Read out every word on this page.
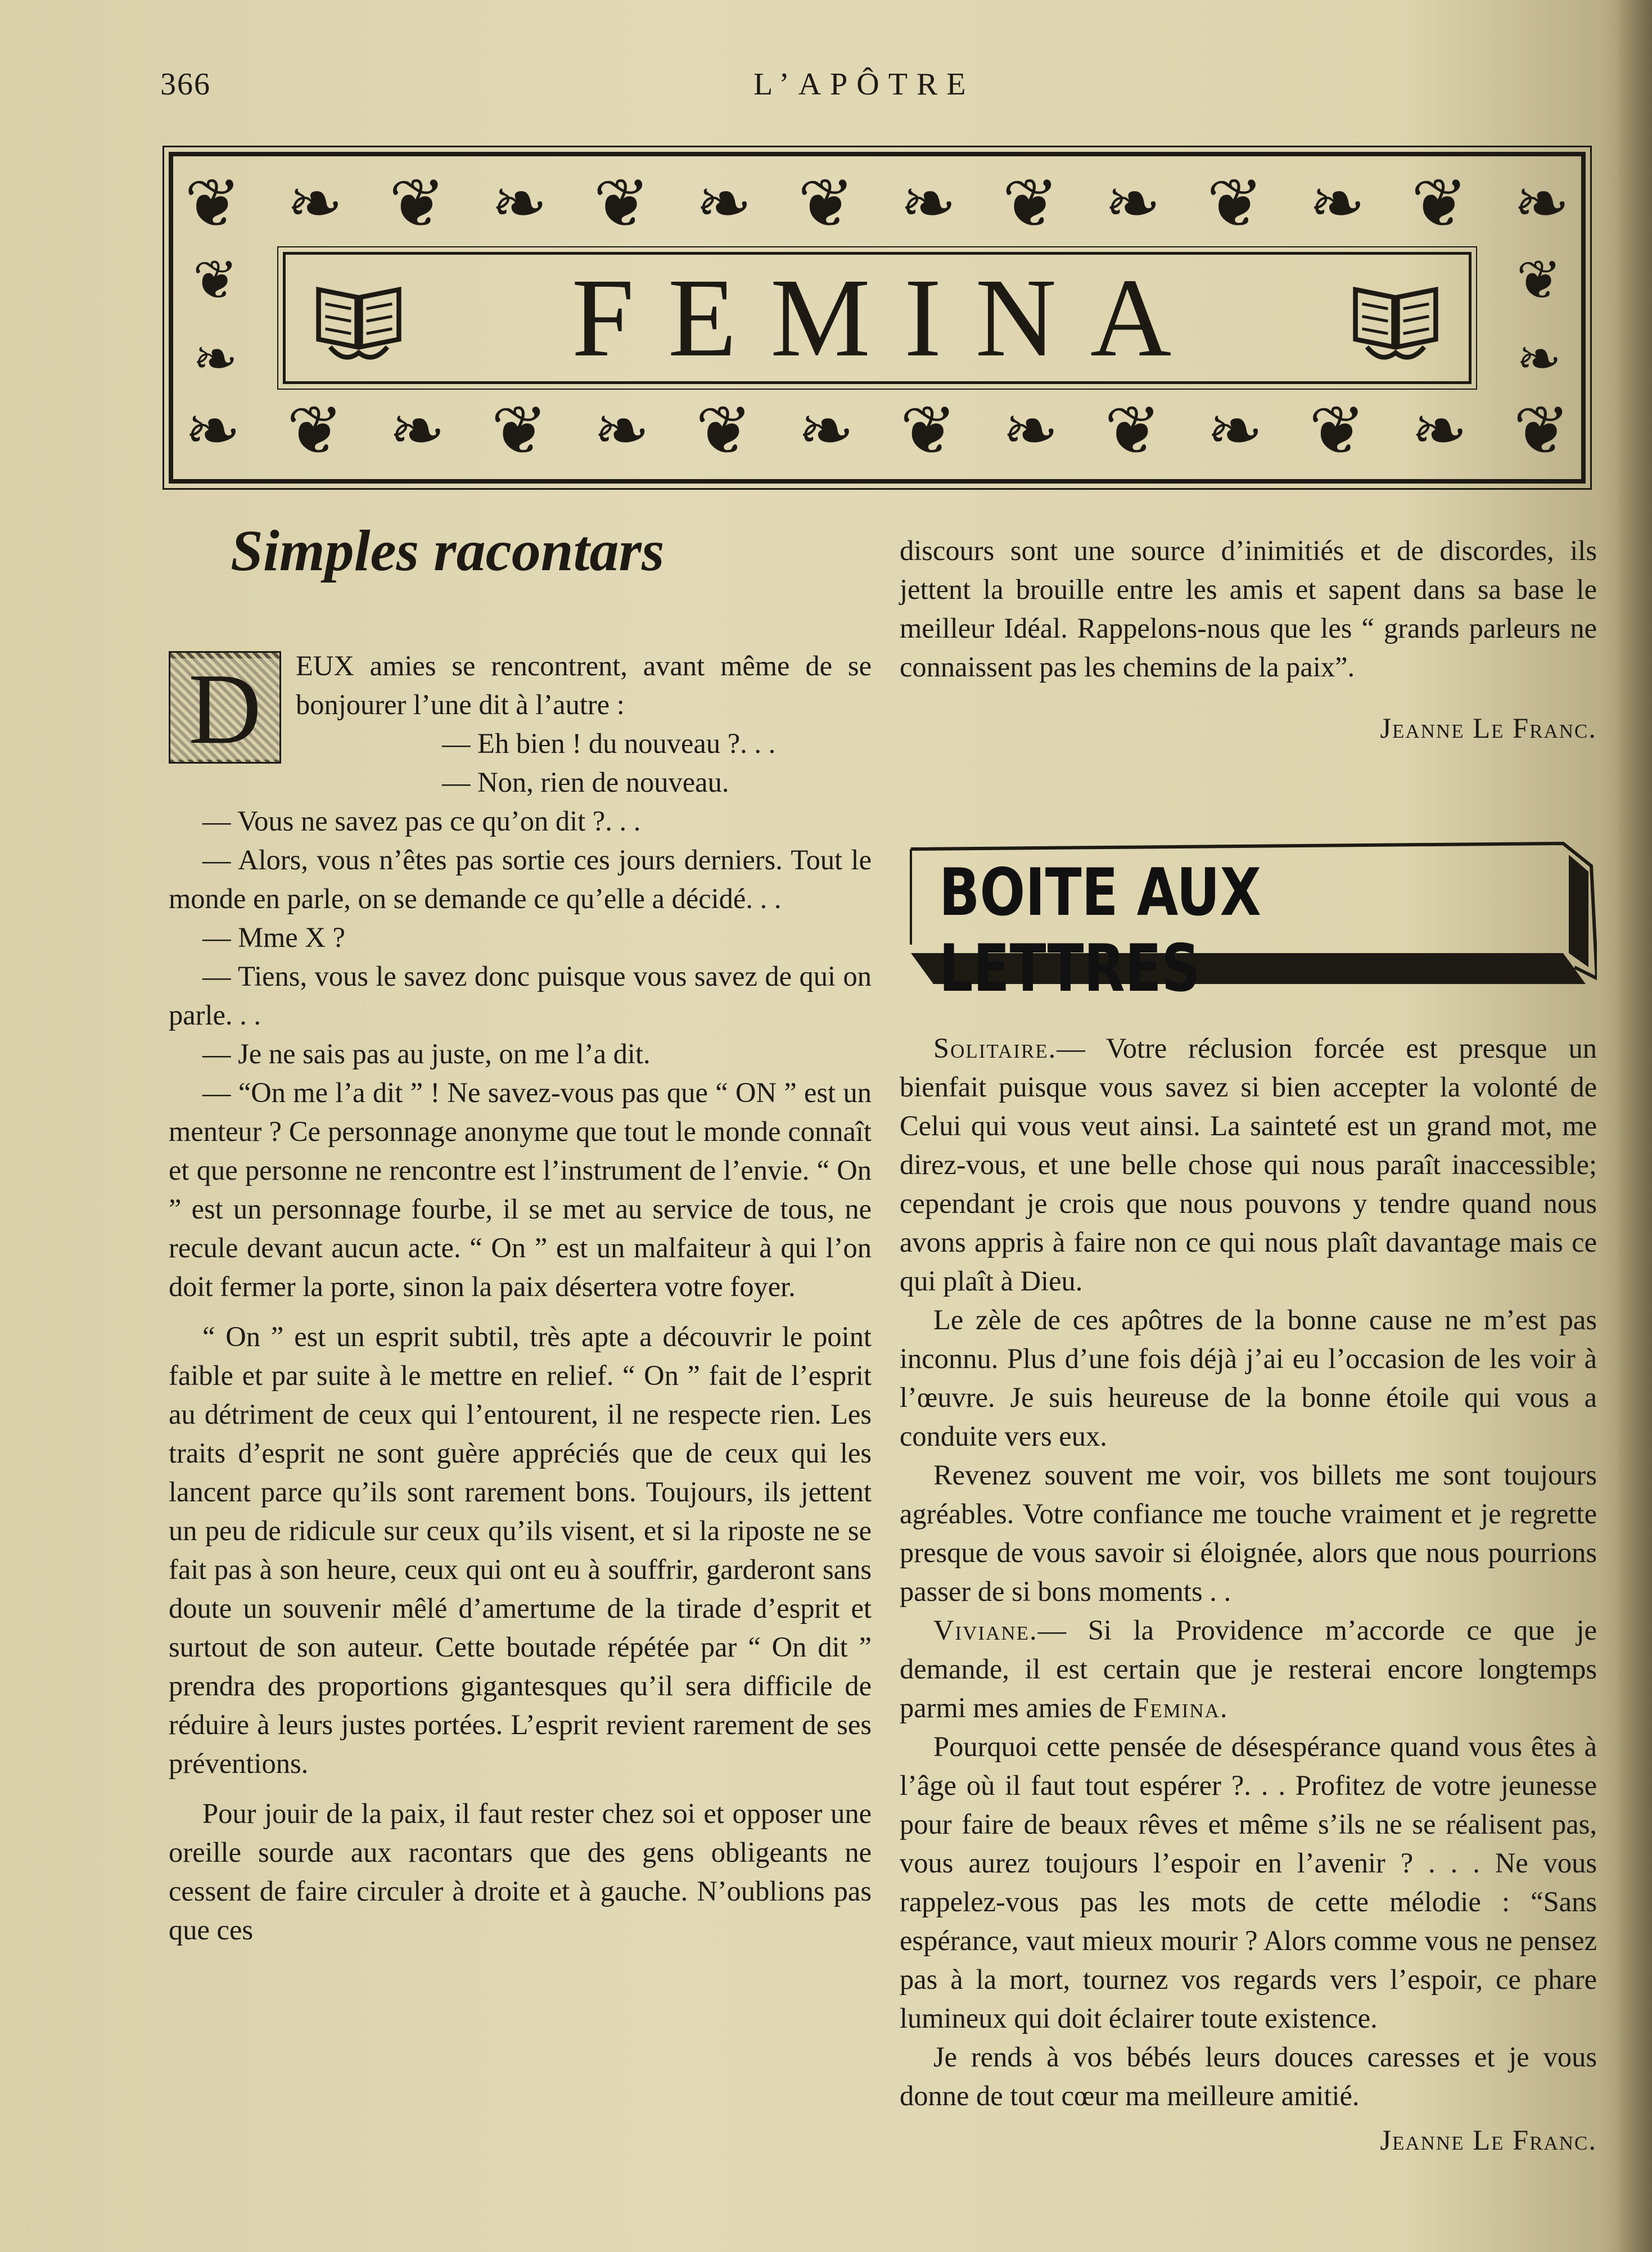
366	L’APÔTRE
❦ ❧ ❦ ❧ ❦ ❧ ❦ ❧ ❦ ❧ ❦ ❧ ❦ ❧
❦
❧
❦
❧
FEMINA
❧ ❦ ❧ ❦ ❧ ❦ ❧ ❦ ❧ ❦ ❧ ❦ ❧ ❦
Simples racontars

D	EUX amies se rencontrent, avant même de se bonjourer l’une dit à l’autre :

— Eh bien ! du nouveau ?. . .

— Non, rien de nouveau.

— Vous ne savez pas ce qu’on dit ?. . .

— Alors, vous n’êtes pas sortie ces jours derniers. Tout le monde en parle, on se demande ce qu’elle a décidé. . .

— Mme X ?

— Tiens, vous le savez donc puisque vous savez de qui on parle. . .

— Je ne sais pas au juste, on me l’a dit.

— “On me l’a dit ” ! Ne savez-vous pas que “ ON ” est un menteur ? Ce personnage anonyme que tout le monde connaît et que personne ne rencontre est l’instrument de l’envie. “ On ” est un personnage fourbe, il se met au service de tous, ne recule devant aucun acte. “ On ” est un malfaiteur à qui l’on doit fermer la porte, sinon la paix désertera votre foyer.

“ On ” est un esprit subtil, très apte a découvrir le point faible et par suite à le mettre en relief. “ On ” fait de l’esprit au détriment de ceux qui l’entourent, il ne respecte rien. Les traits d’esprit ne sont guère appréciés que de ceux qui les lancent parce qu’ils sont rarement bons. Toujours, ils jettent un peu de ridicule sur ceux qu’ils visent, et si la riposte ne se fait pas à son heure, ceux qui ont eu à souffrir, garderont sans doute un souvenir mêlé d’amertume de la tirade d’esprit et surtout de son auteur. Cette boutade répétée par “ On dit ” prendra des proportions gigantesques qu’il sera difficile de réduire à leurs justes portées. L’esprit revient rarement de ses préventions.

Pour jouir de la paix, il faut rester chez soi et opposer une oreille sourde aux racontars que des gens obligeants ne cessent de faire circuler à droite et à gauche. N’oublions pas que ces

discours sont une source d’inimitiés et de discordes, ils jettent la brouille entre les amis et sapent dans sa base le meilleur Idéal. Rappelons-nous que les “ grands parleurs ne connaissent pas les chemins de la paix”.

Jeanne Le Franc.

BOITE AUX LETTRES

Solitaire.— Votre réclusion forcée est presque un bienfait puisque vous savez si bien accepter la volonté de Celui qui vous veut ainsi. La sainteté est un grand mot, me direz-vous, et une belle chose qui nous paraît inaccessible; cependant je crois que nous pouvons y tendre quand nous avons appris à faire non ce qui nous plaît davantage mais ce qui plaît à Dieu.

Le zèle de ces apôtres de la bonne cause ne m’est pas inconnu. Plus d’une fois déjà j’ai eu l’occasion de les voir à l’œuvre. Je suis heureuse de la bonne étoile qui vous a conduite vers eux.

Revenez souvent me voir, vos billets me sont toujours agréables. Votre confiance me touche vraiment et je regrette presque de vous savoir si éloignée, alors que nous pourrions passer de si bons moments . .

Viviane.— Si la Providence m’accorde ce que je demande, il est certain que je resterai encore longtemps parmi mes amies de Femina.

Pourquoi cette pensée de désespérance quand vous êtes à l’âge où il faut tout espérer ?. . . Profitez de votre jeunesse pour faire de beaux rêves et même s’ils ne se réalisent pas, vous aurez toujours l’espoir en l’avenir ? . . . Ne vous rappelez-vous pas les mots de cette mélodie : “Sans espérance, vaut mieux mourir ? Alors comme vous ne pensez pas à la mort, tournez vos regards vers l’espoir, ce phare lumineux qui doit éclairer toute existence.

Je rends à vos bébés leurs douces caresses et je vous donne de tout cœur ma meilleure amitié.

Jeanne Le Franc.
